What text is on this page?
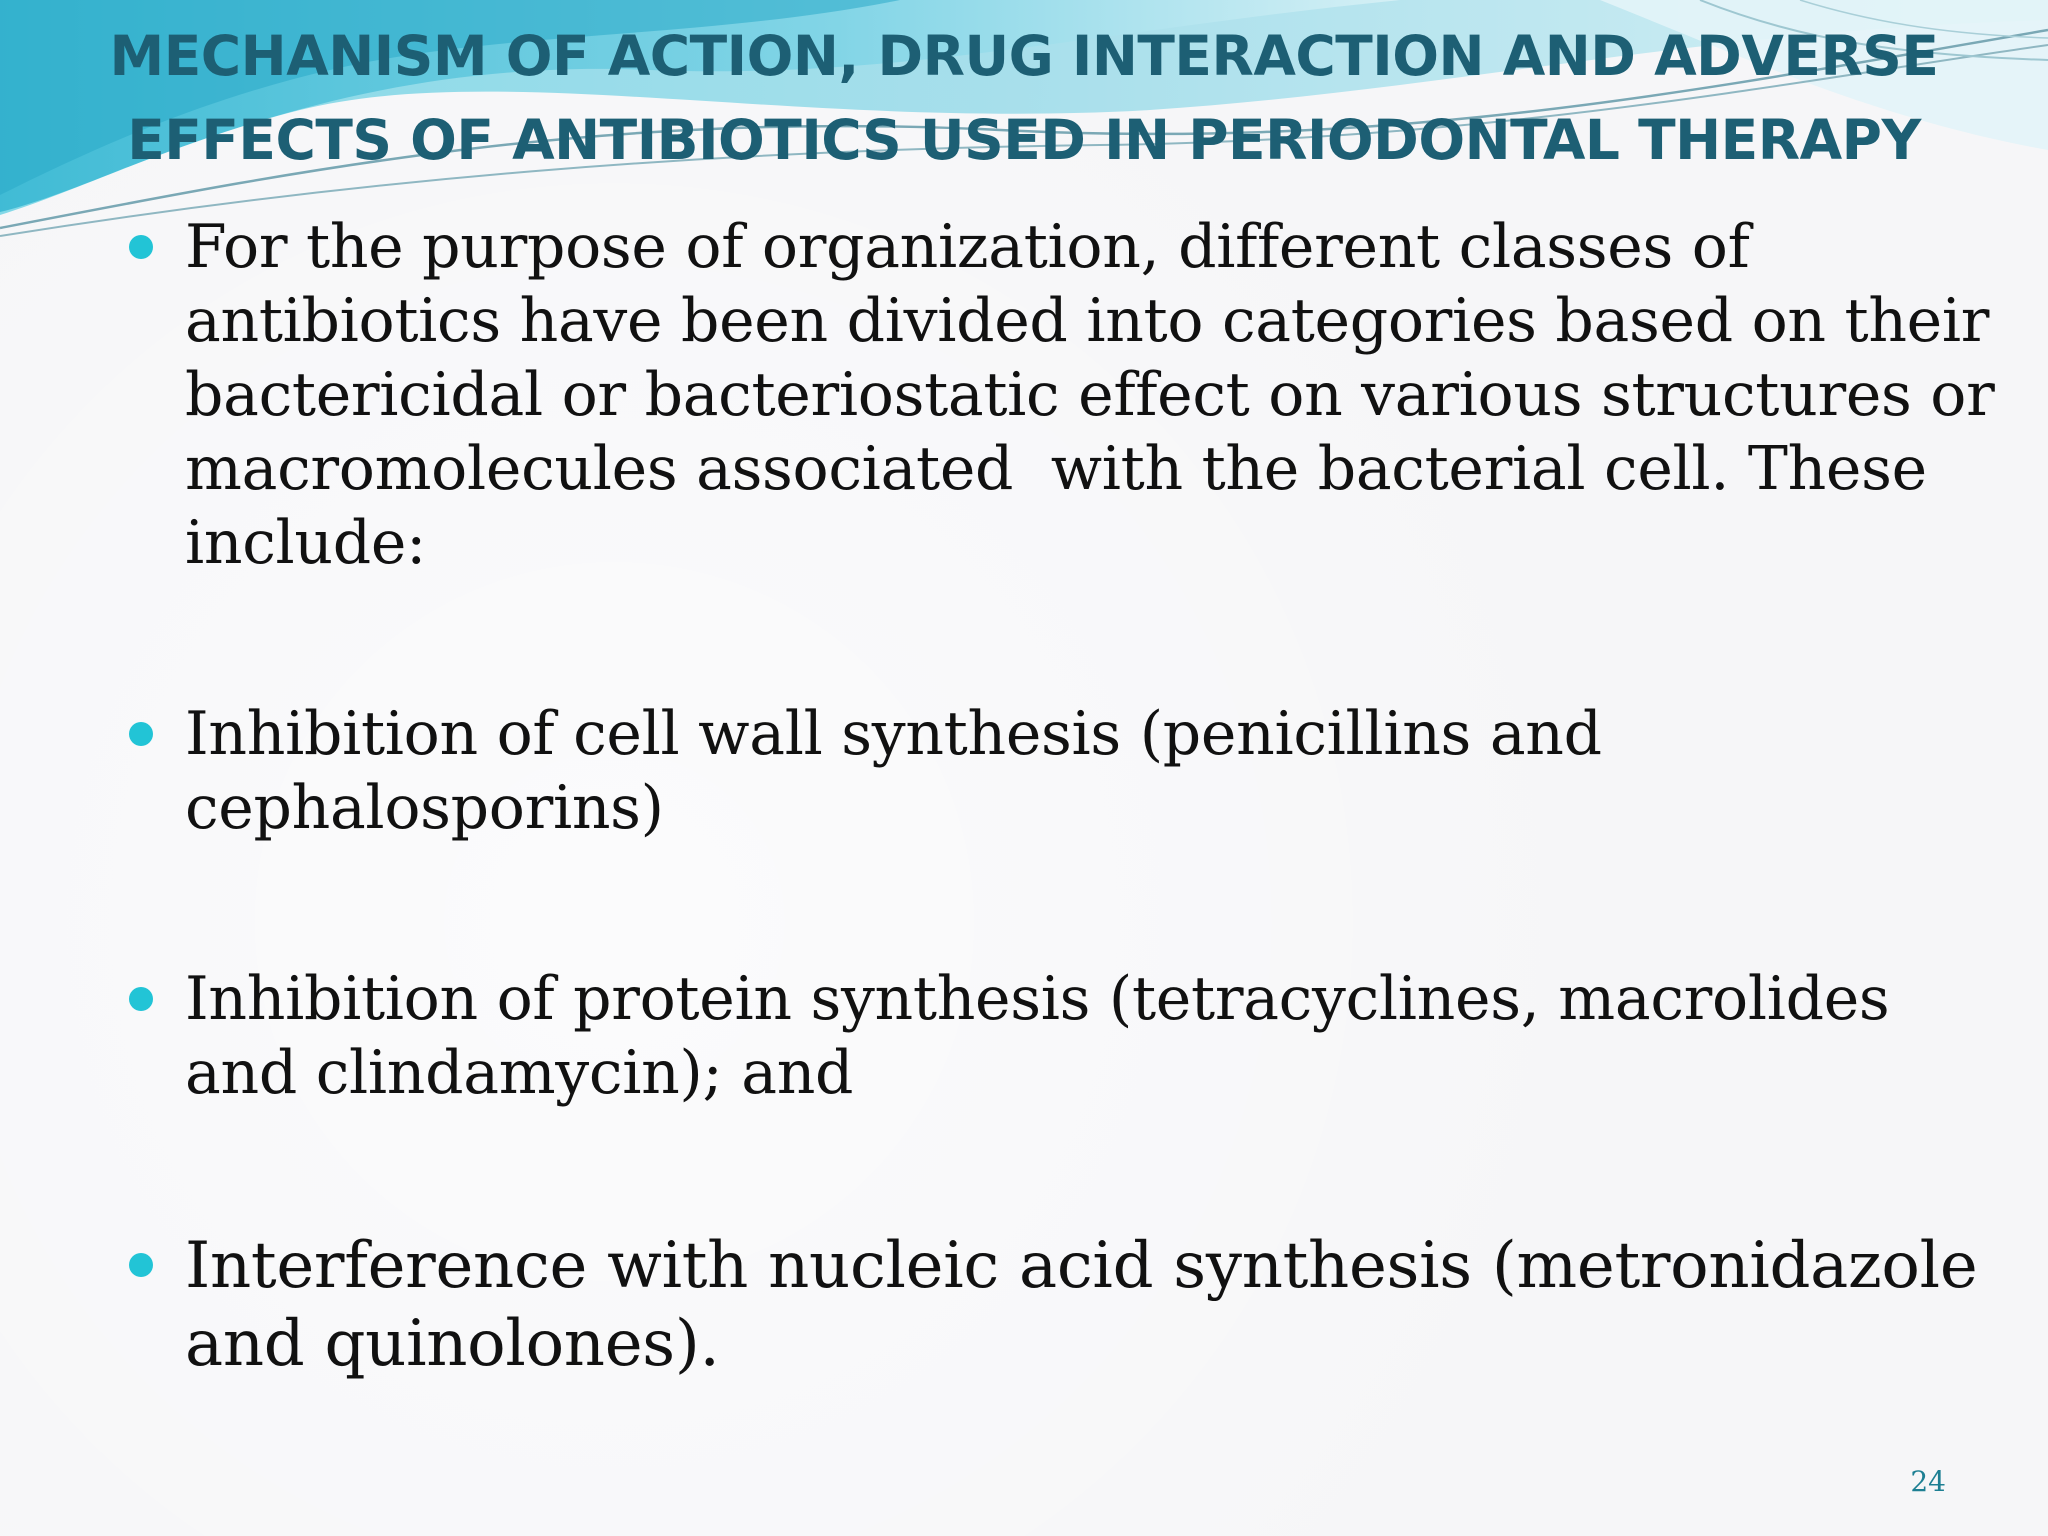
MECHANISM OF ACTION, DRUG INTERACTION AND ADVERSE
EFFECTS OF ANTIBIOTICS USED IN PERIODONTAL THERAPY

For the purpose of organization, different classes of

antibiotics have been divided into categories based on their

bactericidal or bacteriostatic effect on various structures or

macromolecules associated  with the bacterial cell. These

include:

Inhibition of cell wall synthesis (penicillins and

cephalosporins)

Inhibition of protein synthesis (tetracyclines, macrolides

and clindamycin); and

Interference with nucleic acid synthesis (metronidazole

and quinolones).

24
